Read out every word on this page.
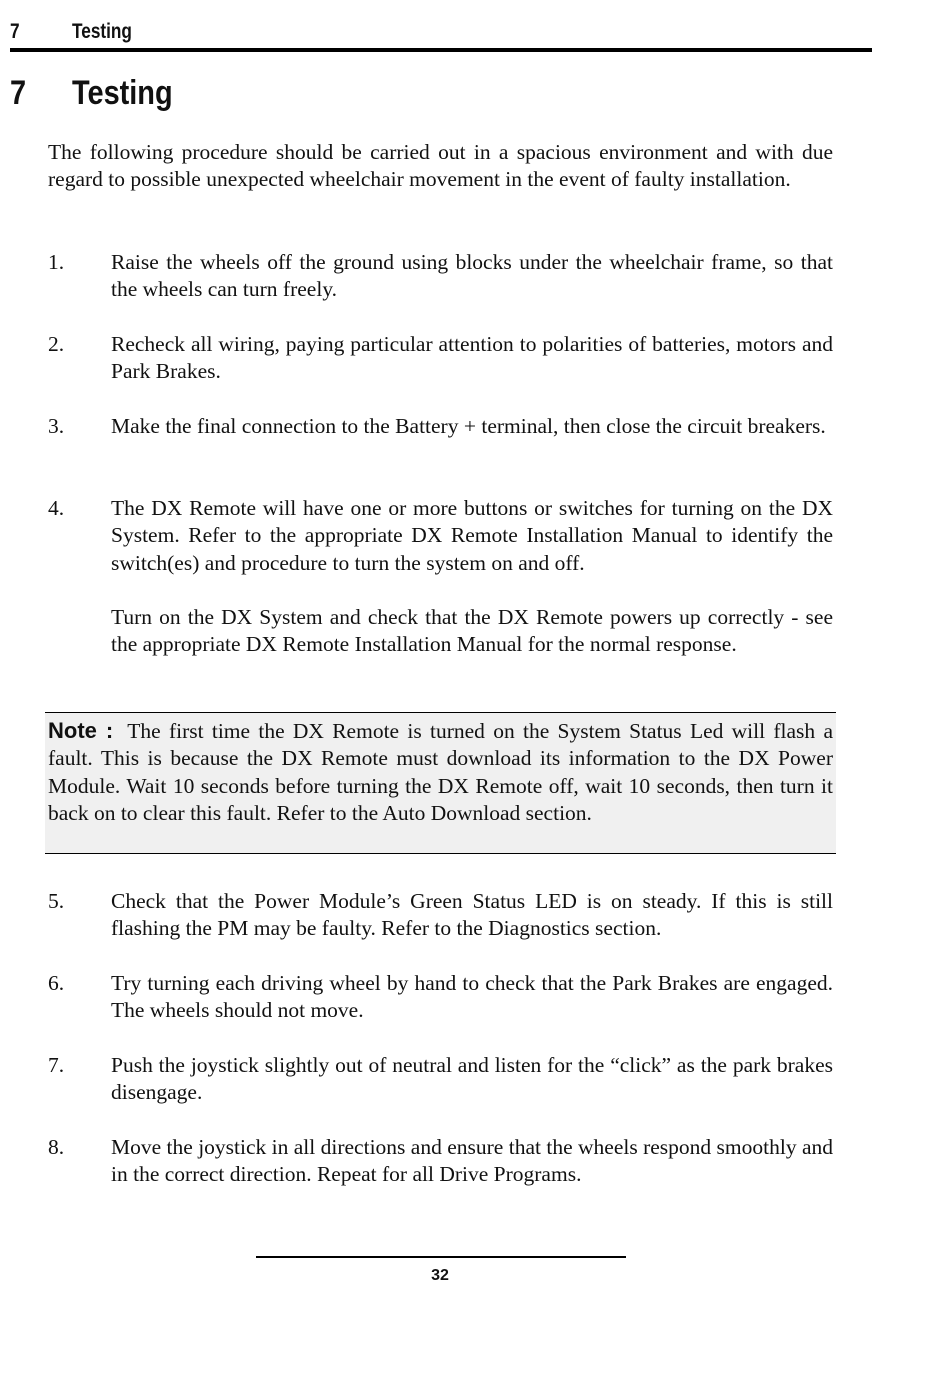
7 Testing
7 Testing

The following procedure should be carried out in a spacious environment and with due regard to possible unexpected wheelchair movement in the event of faulty installation.

1.	Raise the wheels off the ground using blocks under the wheelchair frame, so that the wheels can turn freely.

2.	Recheck all wiring, paying particular attention to polarities of batteries, motors and Park Brakes.

3.	Make the final connection to the Battery + terminal, then close the circuit breakers.

4.	The DX Remote will have one or more buttons or switches for turning on the DX System. Refer to the appropriate DX Remote Installation Manual to identify the switch(es) and procedure to turn the system on and off.

Turn on the DX System and check that the DX Remote powers up correctly - see the appropriate DX Remote Installation Manual for the normal response.

Note : The first time the DX Remote is turned on the System Status Led will flash a fault. This is because the DX Remote must download its information to the DX Power Module. Wait 10 seconds before turning the DX Remote off, wait 10 seconds, then turn it back on to clear this fault. Refer to the Auto Download section.

5.	Check that the Power Module’s Green Status LED is on steady. If this is still flashing the PM may be faulty. Refer to the Diagnostics section.

6.	Try turning each driving wheel by hand to check that the Park Brakes are engaged. The wheels should not move.

7.	Push the joystick slightly out of neutral and listen for the “click” as the park brakes disengage.

8.	Move the joystick in all directions and ensure that the wheels respond smoothly and in the correct direction. Repeat for all Drive Programs.

32
